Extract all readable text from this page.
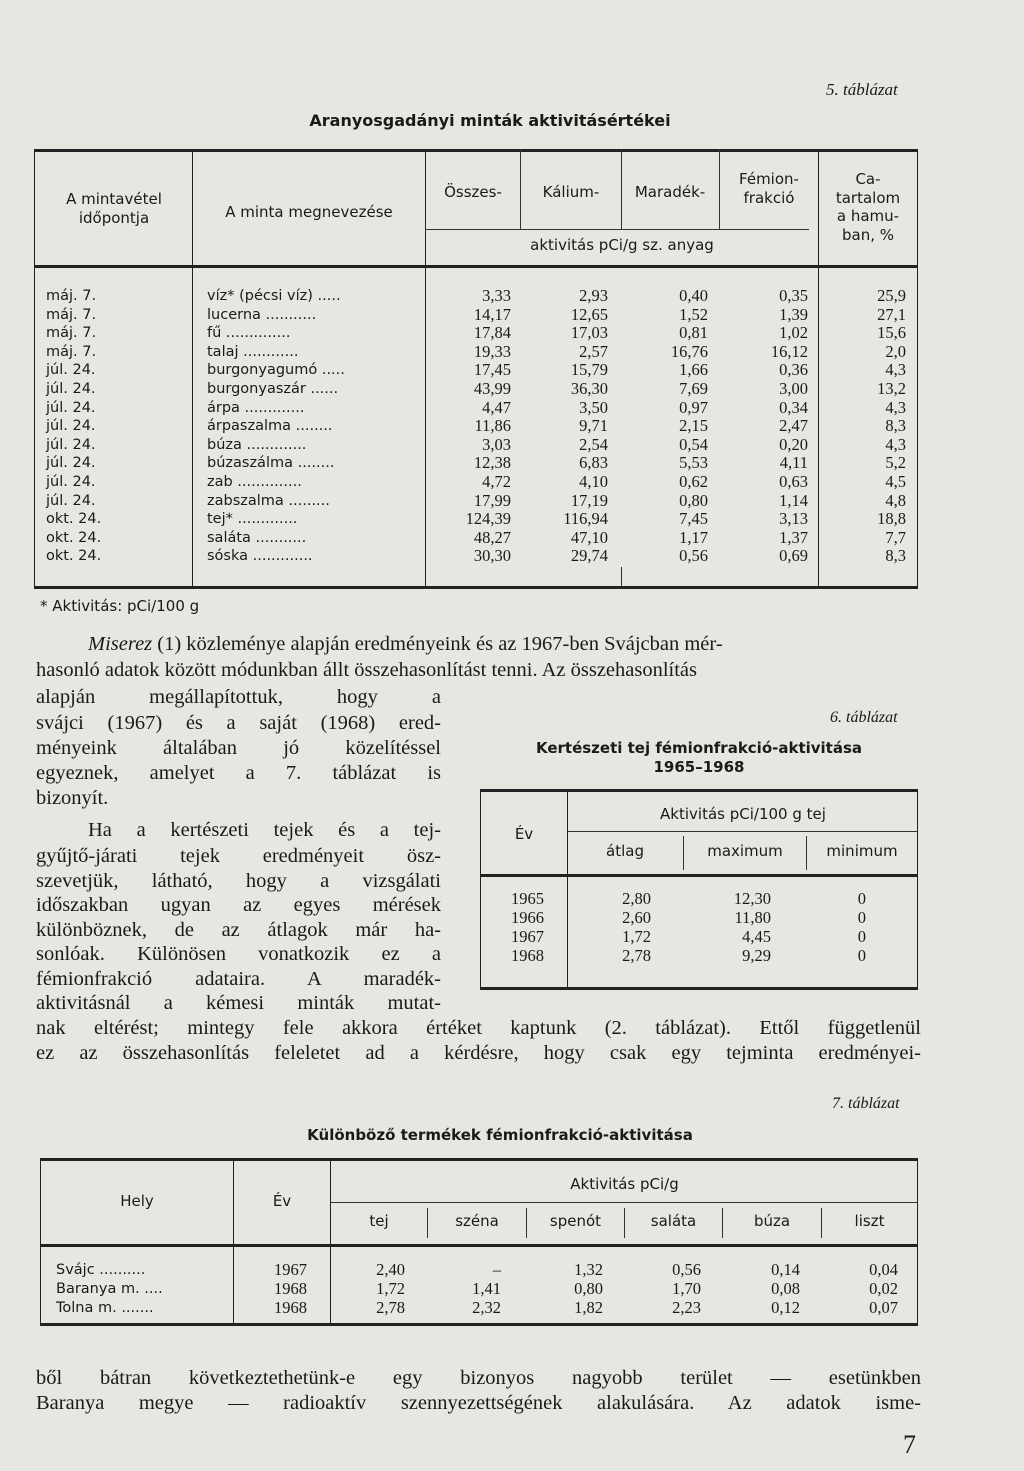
5. táblázat
Aranyosgadányi minták aktivitásértékei
A mintavétel
időpontja	A minta megnevezése
Összes-	Kálium-	Maradék-
Fémion-
frakció
Ca-
tartalom
a hamu-
ban, %
aktivitás pCi/g sz. anyag
máj. 7.	víz* (pécsi víz) .....	3,33	2,93	0,40	0,35	25,9
máj. 7.	lucerna ...........	14,17	12,65	1,52	1,39	27,1
máj. 7.	fű ..............	17,84	17,03	0,81	1,02	15,6
máj. 7.	talaj ............	19,33	2,57	16,76	16,12	2,0
júl. 24.	burgonyagumó .....	17,45	15,79	1,66	0,36	4,3
júl. 24.	burgonyaszár ......	43,99	36,30	7,69	3,00	13,2
júl. 24.	árpa .............	4,47	3,50	0,97	0,34	4,3
júl. 24.	árpaszalma ........	11,86	9,71	2,15	2,47	8,3
júl. 24.	búza .............	3,03	2,54	0,54	0,20	4,3
júl. 24.	búzaszálma ........	12,38	6,83	5,53	4,11	5,2
júl. 24.	zab ..............	4,72	4,10	0,62	0,63	4,5
júl. 24.	zabszalma .........	17,99	17,19	0,80	1,14	4,8
okt. 24.	tej* .............	124,39	116,94	7,45	3,13	18,8
okt. 24.	saláta ...........	48,27	47,10	1,17	1,37	7,7
okt. 24.	sóska .............	30,30	29,74	0,56	0,69	8,3
* Aktivitás: pCi/100 g
Miserez (1) közleménye alapján eredményeink és az 1967-ben Svájcban mér-
hasonló adatok között módunkban állt összehasonlítást tenni. Az összehasonlítás
alapján megállapítottuk, hogy a
svájci (1967) és a saját (1968) ered-
ményeink általában jó közelítéssel
egyeznek, amelyet a 7. táblázat is
bizonyít.
Ha a kertészeti tejek és a tej-
gyűjtő-járati tejek eredményeit ösz-
szevetjük, látható, hogy a vizsgálati
időszakban ugyan az egyes mérések
különböznek, de az átlagok már ha-
sonlóak. Különösen vonatkozik ez a
fémionfrakció adataira. A maradék-
aktivitásnál a kémesi minták mutat-
nak eltérést; mintegy fele akkora értéket kaptunk (2. táblázat). Ettől függetlenül
ez az összehasonlítás feleletet ad a kérdésre, hogy csak egy tejminta eredményei-
ből bátran következtethetünk-e egy bizonyos nagyobb terület — esetünkben
Baranya megye — radioaktív szennyezettségének alakulására. Az adatok isme-
6. táblázat
Kertészeti tej fémionfrakció-aktivitása
1965–1968
Év
Aktivitás pCi/100 g tej
átlag	maximum	minimum
1965	2,80	12,30	0
1966	2,60	11,80	0
1967	1,72	4,45	0
1968	2,78	9,29	0
7. táblázat
Különböző termékek fémionfrakció-aktivitása
Hely	Év
Aktivitás pCi/g
tej	széna	spenót	saláta	búza	liszt
Svájc ..........	1967	2,40	–	1,32	0,56	0,14	0,04
Baranya m. ....	1968	1,72	1,41	0,80	1,70	0,08	0,02
Tolna m. .......	1968	2,78	2,32	1,82	2,23	0,12	0,07
7
